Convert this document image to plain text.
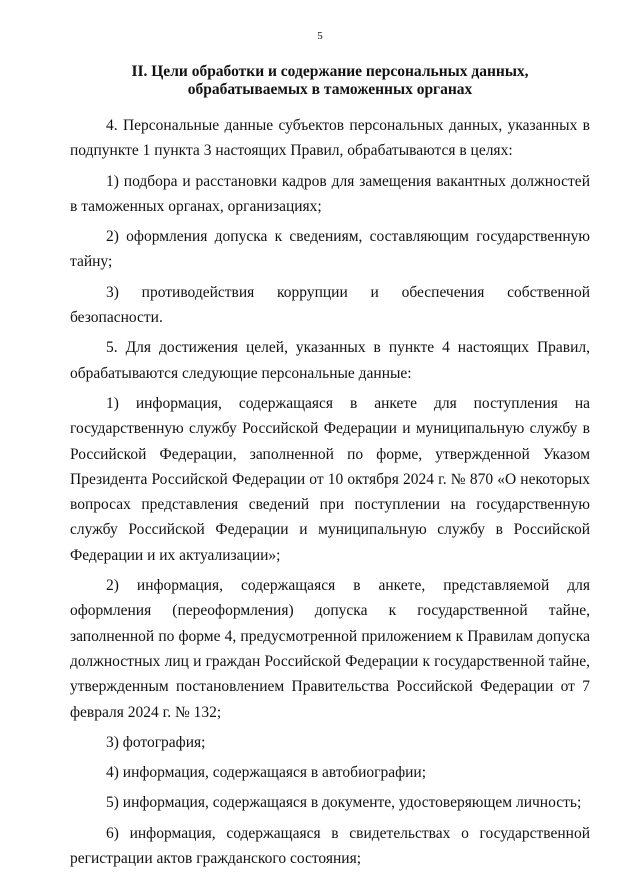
5
II. Цели обработки и содержание персональных данных,
обрабатываемых в таможенных органах

4. Персональные данные субъектов персональных данных, указанных в подпункте 1 пункта 3 настоящих Правил, обрабатываются в целях:

1) подбора и расстановки кадров для замещения вакантных должностей в таможенных органах, организациях;

2) оформления допуска к сведениям, составляющим государственную тайну;

3) противодействия коррупции и обеспечения собственной безопасности.

5. Для достижения целей, указанных в пункте 4 настоящих Правил, обрабатываются следующие персональные данные:

1) информация, содержащаяся в анкете для поступления на государственную службу Российской Федерации и муниципальную службу в Российской Федерации, заполненной по форме, утвержденной Указом Президента Российской Федерации от 10 октября 2024 г. № 870 «О некоторых вопросах представления сведений при поступлении на государственную службу Российской Федерации и муниципальную службу в Российской Федерации и их актуализации»;

2) информация, содержащаяся в анкете, представляемой для оформления (переоформления) допуска к государственной тайне, заполненной по форме 4, предусмотренной приложением к Правилам допуска должностных лиц и граждан Российской Федерации к государственной тайне, утвержденным постановлением Правительства Российской Федерации от 7 февраля 2024 г. № 132;

3) фотография;

4) информация, содержащаяся в автобиографии;

5) информация, содержащаяся в документе, удостоверяющем личность;

6) информация, содержащаяся в свидетельствах о государственной регистрации актов гражданского состояния;
